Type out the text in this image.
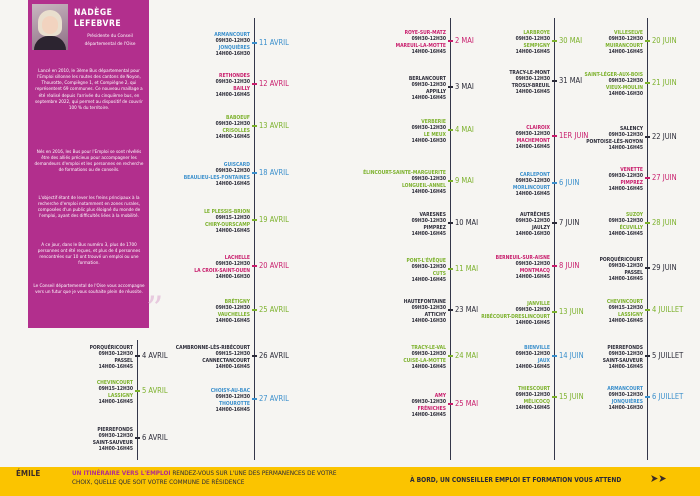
NADÈGE
LEFEBVRE
Présidente du Conseil
départemental de l'Oise

Lancé en 2010, le 3ème Bus départemental pour l'Emploi sillonne les routes des cantons de Noyon, Thourotte, Compiègne 1, et Compiègne 2, qui représentent 69 communes. Ce nouveau maillage a été réalisé depuis l'arrivée du cinquième bus, en septembre 2022, qui permet au dispositif de couvrir 100 % du territoire.

Nés en 2016, les Bus pour l'Emploi se sont révélés être des alliés précieux pour accompagner les demandeurs d'emploi et les personnes en recherche de formations ou de conseils.

L'objectif étant de lever les freins principaux à la recherche d'emploi notamment en zones rurales, composées d'un public plus éloigné du monde de l'emploi, ayant des difficultés liées à la mobilité.

A ce jour, dans le Bus numéro 3, plus de 1700 personnes ont été reçues, et plus de 4 personnes rencontrées sur 10 ont trouvé un emploi ou une formation.

Le Conseil départemental de l'Oise vous accompagne vers un futur que je vous souhaite plein de réussite. ”
PORQUÉRICOURT
09H30-12H30
PASSEL
14H00-16H45
4 AVRIL
CHEVINCOURT
09H15-12H30
LASSIGNY
14H00-16H45
5 AVRIL
PIERREFONDS
09H30-12H30
SAINT-SAUVEUR
14H00-16H45
6 AVRIL
ARMANCOURT
09H30-12H30
JONQUIÈRES
14H00-16H30
11 AVRIL
RETHONDES
09H30-12H30
BAILLY
14H00-16H45
12 AVRIL
BABOEUF
09H30-12H30
CRISOLLES
14H00-16H45
13 AVRIL
GUISCARD
09H30-12H30
BEAULIEU-LES-FONTAINES
14H00-16H45
18 AVRIL
LE PLESSIS-BRION
09H15-12H30
CHIRY-OURSCAMP
14H00-16H45
19 AVRIL
LACHELLE
09H30-12H30
LA CROIX-SAINT-OUEN
14H00-16H30
20 AVRIL
BRÉTIGNY
09H30-12H30
VAUCHELLES
14H00-16H45
25 AVRIL
CAMBRONNE-LÈS-RIBÉCOURT
09H15-12H30
CANNECTANCOURT
14H00-16H45
26 AVRIL
CHOISY-AU-BAC
09H30-12H30
THOUROTTE
14H00-16H45
27 AVRIL
ROYE-SUR-MATZ
09H30-12H30
MAREUIL-LA-MOTTE
14H00-16H45
2 MAI
BERLANCOURT
09H30-12H30
APPILLY
14H00-16H45
3 MAI
VERBERIE
09H30-12H30
LE MEUX
14H00-16H30
4 MAI
ÉLINCOURT-SAINTE-MARGUERITE
09H30-12H30
LONGUEIL-ANNEL
14H00-16H45
9 MAI
VARESNES
09H30-12H30
PIMPREZ
14H00-16H45
10 MAI
PONT-L'ÉVÊQUE
09H30-12H30
CUTS
14H00-16H45
11 MAI
HAUTEFONTAINE
09H30-12H30
ATTICHY
14H00-16H30
23 MAI
TRACY-LE-VAL
09H30-12H30
CUISE-LA-MOTTE
14H00-16H45
24 MAI
AMY
09H30-12H30
FRÉNICHES
14H00-16H45
25 MAI
LARBROYE
09H30-12H30
SEMPIGNY
14H00-16H45
30 MAI
TRACY-LE-MONT
09H30-12H30
TROSLY-BREUIL
14H00-16H45
31 MAI
CLAIROIX
09H30-12H30
MACHEMONT
14H00-16H45
1ER JUIN
CARLEPONT
09H30-12H30
MORLINCOURT
14H00-16H45
6 JUIN
AUTRÊCHES
09H30-12H30
JAULZY
14H00-16H30
7 JUIN
BERNEUIL-SUR-AISNE
09H30-12H30
MONTMACQ
14H00-16H45
8 JUIN
JANVILLE
09H30-12H30
RIBÉCOURT-DRESLINCOURT
14H00-16H45
13 JUIN
BIENVILLE
09H30-12H30
JAUX
14H00-16H45
14 JUIN
THIESCOURT
09H30-12H30
MÉLICOCQ
14H00-16H45
15 JUIN
VILLESELVE
09H30-12H30
MUIRANCOURT
14H00-16H45
20 JUIN
SAINT-LÉGER-AUX-BOIS
09H30-12H30
VIEUX-MOULIN
14H00-16H30
21 JUIN
SALENCY
09H30-12H30
PONTOISE-LÈS-NOYON
14H00-16H45
22 JUIN
VENETTE
09H30-12H30
PIMPREZ
14H00-16H45
27 JUIN
SUZOY
09H30-12H30
ÉCUVILLY
14H00-16H45
28 JUIN
PORQUÉRICOURT
09H30-12H30
PASSEL
14H00-16H45
29 JUIN
CHEVINCOURT
09H15-12H30
LASSIGNY
14H00-16H45
4 JUILLET
PIERREFONDS
09H30-12H30
SAINT-SAUVEUR
14H00-16H45
5 JUILLET
ARMANCOURT
09H30-12H30
JONQUIÈRES
14H00-16H30
6 JUILLET
ÉMILE	UN ITINÉRAIRE VERS L'EMPLOI RENDEZ-VOUS SUR L'UNE DES PERMANENCES DE VOTRE CHOIX, QUELLE QUE SOIT VOTRE COMMUNE DE RÉSIDENCE	À BORD, UN CONSEILLER EMPLOI ET FORMATION VOUS ATTEND	➤➤
